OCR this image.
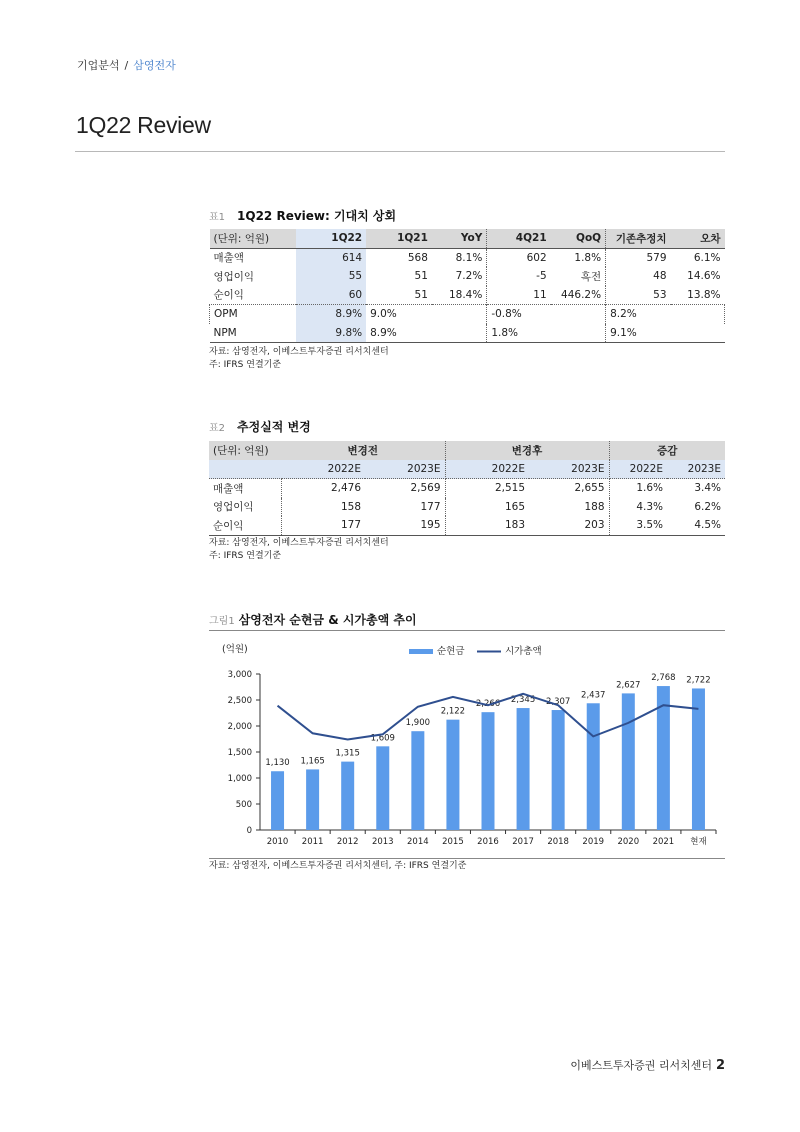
기업분석 / 삼영전자
1Q22 Review
표1 1Q22 Review: 기대치 상회
(단위: 억원)	1Q22	1Q21	YoY	4Q21	QoQ	기존추정치	오차
매출액	614	568	8.1%	602	1.8%	579	6.1%
영업이익	55	51	7.2%	-5	흑전	48	14.6%
순이익	60	51	18.4%	11	446.2%	53	13.8%
OPM	8.9%	9.0%		-0.8%		8.2%	
NPM	9.8%	8.9%		1.8%		9.1%	
자료: 삼영전자, 이베스트투자증권 리서치센터
주: IFRS 연결기준
표2 추정실적 변경
(단위: 억원)	변경전		변경후		증감	
	2022E	2023E	2022E	2023E	2022E	2023E
매출액	2,476	2,569	2,515	2,655	1.6%	3.4%
영업이익	158	177	165	188	4.3%	6.2%
순이익	177	195	183	203	3.5%	4.5%
자료: 삼영전자, 이베스트투자증권 리서치센터
주: IFRS 연결기준
그림1 삼영전자 순현금 & 시가총액 추이
(억원)	순현금	시가총액
0
500
1,000
1,500
2,000
2,500
3,000
1,130 1,165
1,315
1,609
1,900
2,122
2,266 2,345 2,307
2,437
2,627
2,768 2,722
2010 2011 2012 2013 2014 2015 2016 2017 2018 2019 2020 2021 현재
자료: 삼영전자, 이베스트투자증권 리서치센터, 주: IFRS 연결기준
이베스트투자증권 리서치센터 2
